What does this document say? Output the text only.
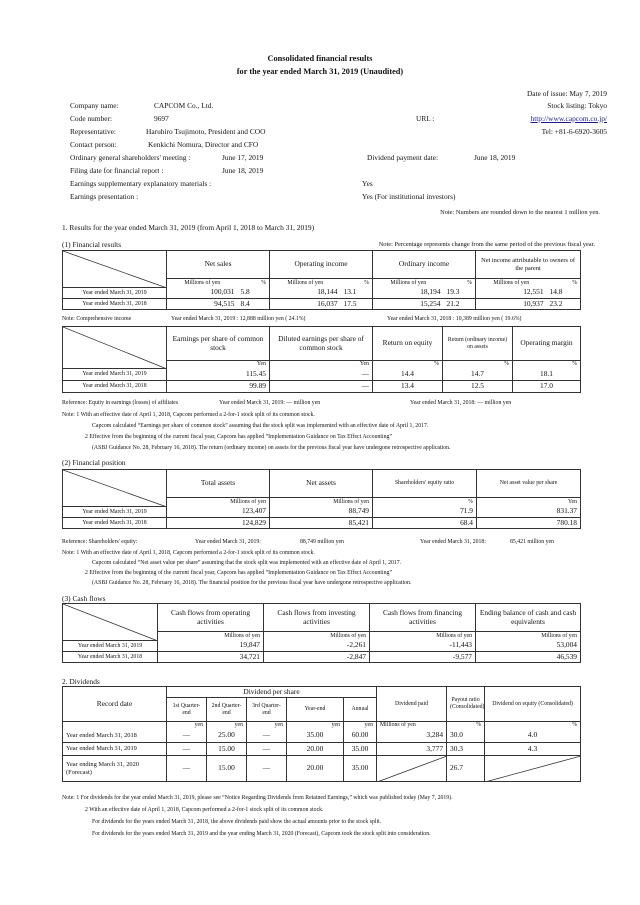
Consolidated financial results
for the year ended March 31, 2019 (Unaudited)
Date of issue: May 7, 2019
Company name:	CAPCOM Co., Ltd.	Stock listing: Tokyo
Code number:	9697	URL :	http://www.capcom.co.jp/
Representative:	Haruhiro Tsujimoto, President and COO	Tel: +81-6-6920-3605
Contact person:	Kenkichi Nomura, Director and CFO
Ordinary general shareholders' meeting :	June 17, 2019	Dividend payment date:	June 18, 2019
Filing date for financial report :	June 18, 2019
Earnings supplementary explanatory materials :	Yes
Earnings presentation :	Yes (For institutional investors)
Note: Numbers are rounded down to the nearest 1 million yen.
1. Results for the year ended March 31, 2019 (from April 1, 2018 to March 31, 2019)
(1) Financial results	Note: Percentage represents change from the same period of the previous fiscal year.
	Net sales		Operating income		Ordinary income		Net income attributable to owners of the parent	
	Millions of yen	%	Millions of yen	%	Millions of yen	%	Millions of yen	%
Year ended March 31, 2019	100,031	5.8	18,144	13.1	18,194	19.3	12,551	14.8
Year ended March 31, 2018	94,515	8.4	16,037	17.5	15,254	21.2	10,937	23.2
Note: Comprehensive income	Year ended March 31, 2019 : 12,888 million yen ( 24.1%)	Year ended March 31, 2018 : 10,389 million yen ( 19.6%)
	Earnings per share of common stock	Diluted earnings per share of common stock	Return on equity	Return (ordinary income) on assets	Operating margin
	Yen	Yen	%	%	%
Year ended March 31, 2019	115.45	—	14.4	14.7	18.1
Year ended March 31, 2018	99.89	—	13.4	12.5	17.0
Reference: Equity in earnings (losses) of affiliates	Year ended March 31, 2019: — million yen	Year ended March 31, 2018: — million yen
Note: 1 With an effective date of April 1, 2018, Capcom performed a 2-for-1 stock split of its common stock.
Capcom calculated “Earnings per share of common stock” assuming that the stock split was implemented with an effective date of April 1, 2017.
2 Effective from the beginning of the current fiscal year, Capcom has applied “Implementation Guidance on Tax Effect Accounting”
(ASBJ Guidance No. 28, February 16, 2018). The return (ordinary income) on assets for the previous fiscal year have undergone retrospective application.
(2) Financial position
	Total assets	Net assets	Shareholders' equity ratio	Net asset value per share
	Millions of yen	Millions of yen	%	Yen
Year ended March 31, 2019	123,407	88,749	71.9	831.37
Year ended March 31, 2018	124,829	85,421	68.4	780.18
Reference: Shareholders' equity:	Year ended March 31, 2019:	88,749 million yen	Year ended March 31, 2018:	85,421 million yen
Note: 1 With an effective date of April 1, 2018, Capcom performed a 2-for-1 stock split of its common stock.
Capcom calculated “Net asset value per share” assuming that the stock split was implemented with an effective date of April 1, 2017.
2 Effective from the beginning of the current fiscal year, Capcom has applied “Implementation Guidance on Tax Effect Accounting”
(ASBJ Guidance No. 28, February 16, 2018). The financial position for the previous fiscal year have undergone retrospective application.
(3) Cash flows
	Cash flows from operating activities	Cash flows from investing activities	Cash flows from financing activities	Ending balance of cash and cash equivalents
	Millions of yen	Millions of yen	Millions of yen	Millions of yen
Year ended March 31, 2019	19,847	-2,261	-11,443	53,004
Year ended March 31, 2018	34,721	-2,847	-9,577	46,539
2. Dividends
Record date	Dividend per share					Dividend paid	Payout ratio (Consolidated)	Dividend on equity (Consolidated)
	1st Quarter-end	2nd Quarter-end	3rd Quarter-end	Year-end	Annual			
	yen	yen	yen	yen	yen	Millions of yen	%	%
Year ended March 31, 2018	—	25.00	—	35.00	60.00	3,284	30.0	4.0
Year ended March 31, 2019	—	15.00	—	20.00	35.00	3,777	30.3	4.3

Year ending March 31, 2020
(Forecast)	—	15.00	—	20.00	35.00		26.7	
Note: 1 For dividends for the year ended March 31, 2019, please see “Notice Regarding Dividends from Retained Earnings,” which was published today (May 7, 2019).
2 With an effective date of April 1, 2018, Capcom performed a 2-for-1 stock split of its common stock.
For dividends for the years ended March 31, 2018, the above dividends paid show the actual amounts prior to the stock split.
For dividends for the years ended March 31, 2019 and the year ending March 31, 2020 (Forecast), Capcom took the stock split into consideration.
